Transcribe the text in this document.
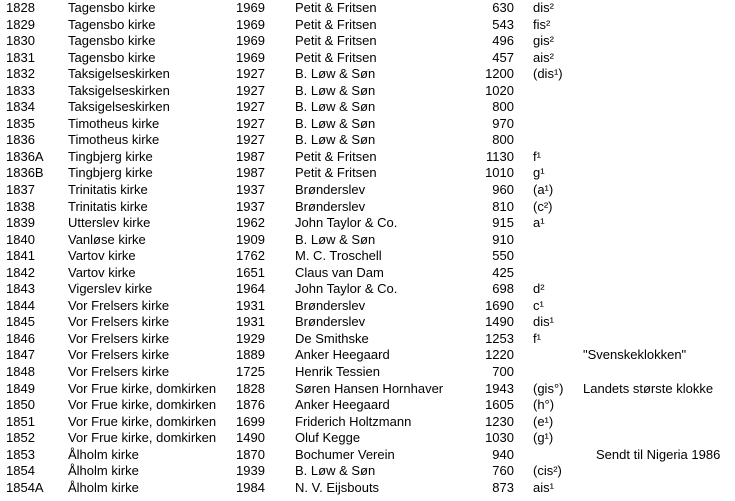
1828	Tagensbo kirke	1969 Petit & Fritsen	630 dis²
1829	Tagensbo kirke	1969 Petit & Fritsen	543 fis²
1830	Tagensbo kirke	1969 Petit & Fritsen	496 gis²
1831	Tagensbo kirke	1969 Petit & Fritsen	457 ais²
1832	Taksigelseskirken	1927 B. Løw & Søn	1200 (dis¹)
1833	Taksigelseskirken	1927 B. Løw & Søn	1020
1834	Taksigelseskirken	1927 B. Løw & Søn	800
1835	Timotheus kirke	1927 B. Løw & Søn	970
1836	Timotheus kirke	1927 B. Løw & Søn	800
1836A Tingbjerg kirke	1987 Petit & Fritsen	1130 f¹
1836B Tingbjerg kirke	1987 Petit & Fritsen	1010 g¹
1837	Trinitatis kirke	1937 Brønderslev	960 (a¹)
1838	Trinitatis kirke	1937 Brønderslev	810 (c²)
1839	Utterslev kirke	1962 John Taylor & Co.	915 a¹
1840	Vanløse kirke	1909 B. Løw & Søn	910
1841	Vartov kirke	1762 M. C. Troschell	550
1842	Vartov kirke	1651 Claus van Dam	425
1843	Vigerslev kirke	1964 John Taylor & Co.	698 d²
1844	Vor Frelsers kirke	1931 Brønderslev	1690 c¹
1845	Vor Frelsers kirke	1931 Brønderslev	1490 dis¹
1846	Vor Frelsers kirke	1929 De Smithske	1253 f¹
1847	Vor Frelsers kirke	1889 Anker Heegaard	1220	"Svenskeklokken"
1848	Vor Frelsers kirke	1725 Henrik Tessien	700
1849	Vor Frue kirke, domkirken 1828 Søren Hansen Hornhaver	1943 (gis°) Landets største klokke
1850	Vor Frue kirke, domkirken 1876 Anker Heegaard	1605 (h°)
1851	Vor Frue kirke, domkirken 1699 Friderich Holtzmann	1230 (e¹)
1852	Vor Frue kirke, domkirken 1490 Oluf Kegge	1030 (g¹)
1853	Ålholm kirke	1870 Bochumer Verein	940	Sendt til Nigeria 1986
1854	Ålholm kirke	1939 B. Løw & Søn	760 (cis²)
1854A Ålholm kirke	1984 N. V. Eijsbouts	873 ais¹
